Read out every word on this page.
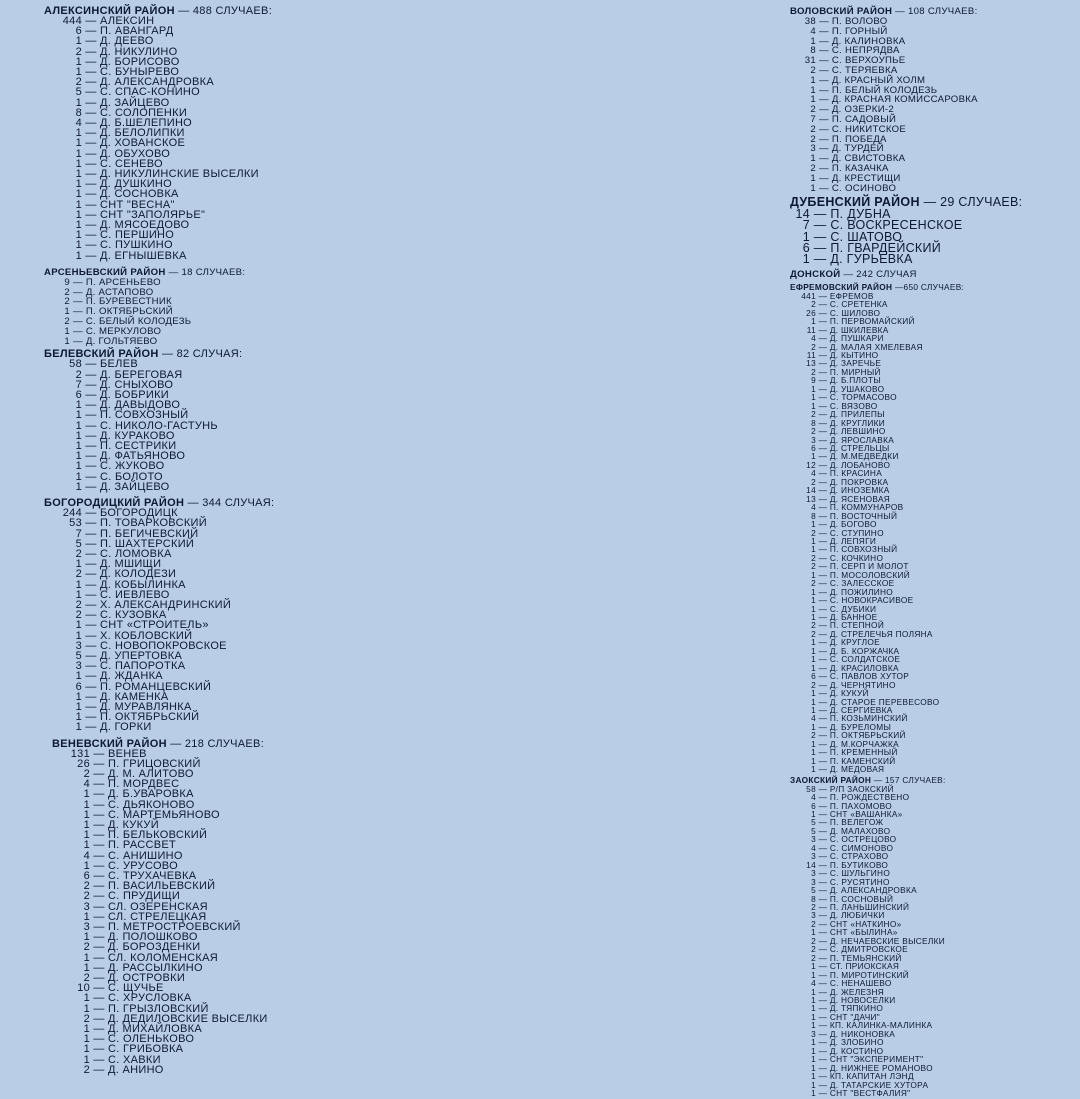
АЛЕКСИНСКИЙ РАЙОН — 488 СЛУЧАЕВ:
444 — АЛЕКСИН
6 — П. АВАНГАРД
1 — Д. ДЕЕВО
2 — Д. НИКУЛИНО
1 — Д. БОРИСОВО
1 — С. БУНЫРЕВО
2 — Д. АЛЕКСАНДРОВКА
5 — С. СПАС-КОНИНО
1 — Д. ЗАЙЦЕВО
8 — С. СОЛОПЕНКИ
4 — Д. Б.ШЕЛЕПИНО
1 — Д. БЕЛОЛИПКИ
1 — Д. ХОВАНСКОЕ
1 — Д. ОБУХОВО
1 — С. СЕНЕВО
1 — Д. НИКУЛИНСКИЕ ВЫСЕЛКИ
1 — Д. ДУШКИНО
1 — Д. СОСНОВКА
1 — СНТ "ВЕСНА"
1 — СНТ "ЗАПОЛЯРЬЕ"
1 — Д. МЯСОЕДОВО
1 — С. ПЕРШИНО
1 — С. ПУШКИНО
1 — Д. ЕГНЫШЕВКА
АРСЕНЬЕВСКИЙ РАЙОН — 18 СЛУЧАЕВ:
9 — П. АРСЕНЬЕВО
2 — Д. АСТАПОВО
2 — П. БУРЕВЕСТНИК
1 — П. ОКТЯБРЬСКИЙ
2 — С. БЕЛЫЙ КОЛОДЕЗЬ
1 — С. МЕРКУЛОВО
1 — Д. ГОЛЬТЯЕВО
БЕЛЕВСКИЙ РАЙОН — 82 СЛУЧАЯ:
58 — БЕЛЕВ
2 — Д. БЕРЕГОВАЯ
7 — Д. СНЫХОВО
6 — Д. БОБРИКИ
1 — Д. ДАВЫДОВО
1 — П. СОВХОЗНЫЙ
1 — С. НИКОЛО-ГАСТУНЬ
1 — Д. КУРАКОВО
1 — П. СЕСТРИКИ
1 — Д. ФАТЬЯНОВО
1 — С. ЖУКОВО
1 — С. БОЛОТО
1 — Д. ЗАЙЦЕВО
БОГОРОДИЦКИЙ РАЙОН — 344 СЛУЧАЯ:
244 — БОГОРОДИЦК
53 — П. ТОВАРКОВСКИЙ
7 — П. БЕГИЧЕВСКИЙ
5 — П. ШАХТЕРСКИЙ
2 — С. ЛОМОВКА
1 — Д. МШИЩИ
2 — Д. КОЛОДЕЗИ
1 — Д. КОБЫЛИНКА
1 — С. ИЕВЛЕВО
2 — Х. АЛЕКСАНДРИНСКИЙ
2 — С. КУЗОВКА
1 — СНТ «СТРОИТЕЛЬ»
1 — Х. КОБЛОВСКИЙ
3 — С. НОВОПОКРОВСКОЕ
5 — Д. УПЕРТОВКА
3 — С. ПАПОРОТКА
1 — Д. ЖДАНКА
6 — П. РОМАНЦЕВСКИЙ
1 — Д. КАМЕНКА
1 — Д. МУРАВЛЯНКА
1 — П. ОКТЯБРЬСКИЙ
1 — Д. ГОРКИ
ВЕНЕВСКИЙ РАЙОН — 218 СЛУЧАЕВ:
131 — ВЕНЕВ
26 — П. ГРИЦОВСКИЙ
2 — Д. М. АЛИТОВО
4 — П. МОРДВЕС
1 — Д. Б.УВАРОВКА
1 — С. ДЬЯКОНОВО
1 — С. МАРТЕМЬЯНОВО
1 — Д. КУКУЙ
1 — П. БЕЛЬКОВСКИЙ
1 — П. РАССВЕТ
4 — С. АНИШИНО
1 — С. УРУСОВО
6 — С. ТРУХАЧЕВКА
2 — П. ВАСИЛЬЕВСКИЙ
2 — С. ПРУДИЩИ
3 — СЛ. ОЗЕРЕНСКАЯ
1 — СЛ. СТРЕЛЕЦКАЯ
3 — П. МЕТРОСТРОЕВСКИЙ
1 — Д. ПОЛОШКОВО
2 — Д. БОРОЗДЕНКИ
1 — СЛ. КОЛОМЕНСКАЯ
1 — Д. РАССЫЛКИНО
2 — Д. ОСТРОВКИ
10 — С. ЩУЧЬЕ
1 — С. ХРУСЛОВКА
1 — П. ГРЫЗЛОВСКИЙ
2 — Д. ДЕДИЛОВСКИЕ ВЫСЕЛКИ
1 — Д. МИХАЙЛОВКА
1 — С. ОЛЕНЬКОВО
1 — С. ГРИБОВКА
1 — С. ХАВКИ
2 — Д. АНИНО
ВОЛОВСКИЙ РАЙОН — 108 СЛУЧАЕВ:
38 — П. ВОЛОВО
4 — П. ГОРНЫЙ
1 — Д. КАЛИНОВКА
8 — С. НЕПРЯДВА
31 — С. ВЕРХОУПЬЕ
2 — С. ТЕРЯЕВКА
1 — Д. КРАСНЫЙ ХОЛМ
1 — П. БЕЛЫЙ КОЛОДЕЗЬ
1 — Д. КРАСНАЯ КОМИССАРОВКА
2 — Д. ОЗЕРКИ-2
7 — П. САДОВЫЙ
2 — С. НИКИТСКОЕ
2 — П. ПОБЕДА
3 — Д. ТУРДЕЙ
1 — Д. СВИСТОВКА
2 — П. КАЗАЧКА
1 — Д. КРЕСТИЩИ
1 — С. ОСИНОВО
ДУБЕНСКИЙ РАЙОН — 29 СЛУЧАЕВ:
14 — П. ДУБНА
7 — С. ВОСКРЕСЕНСКОЕ
1 — С. ШАТОВО
6 — П. ГВАРДЕЙСКИЙ
1 — Д. ГУРЬЕВКА
ДОНСКОЙ — 242 СЛУЧАЯ
ЕФРЕМОВСКИЙ РАЙОН —650 СЛУЧАЕВ:
441 — ЕФРЕМОВ
2 — С. СРЕТЕНКА
26 — С. ШИЛОВО
1 — П. ПЕРВОМАЙСКИЙ
11 — Д. ШКИЛЕВКА
4 — Д. ПУШКАРИ
2 — Д. МАЛАЯ ХМЕЛЕВАЯ
11 — Д. КЫТИНО
13 — Д. ЗАРЕЧЬЕ
2 — П. МИРНЫЙ
9 — Д. Б.ПЛОТЫ
1 — Д. УШАКОВО
1 — С. ТОРМАСОВО
1 — С. ВЯЗОВО
2 — Д. ПРИЛЕПЫ
8 — Д. КРУГЛИКИ
2 — Д. ЛЕВШИНО
3 — Д. ЯРОСЛАВКА
6 — Д. СТРЕЛЬЦЫ
1 — Д. М.МЕДВЕДКИ
12 — Д. ЛОБАНОВО
4 — П. КРАСИНА
2 — Д. ПОКРОВКА
14 — Д. ИНОЗЕМКА
13 — Д. ЯСЕНОВАЯ
4 — П. КОММУНАРОВ
8 — П. ВОСТОЧНЫЙ
1 — Д. БОГОВО
2 — С. СТУПИНО
1 — Д. ЛЕПЯГИ
1 — П. СОВХОЗНЫЙ
2 — С. КОЧКИНО
2 — П. СЕРП И МОЛОТ
1 — П. МОСОЛОВСКИЙ
2 — С. ЗАЛЕССКОЕ
1 — Д. ПОЖИЛИНО
1 — С. НОВОКРАСИВОЕ
1 — С. ДУБИКИ
1 — Д. БАННОЕ
2 — П. СТЕПНОЙ
2 — Д. СТРЕЛЕЧЬЯ ПОЛЯНА
1 — Д. КРУГЛОЕ
1 — Д. Б. КОРЖАЧКА
1 — С. СОЛДАТСКОЕ
1 — Д. КРАСИЛОВКА
6 — С. ПАВЛОВ ХУТОР
2 — Д. ЧЕРНЯТИНО
1 — Д. КУКУЙ
1 — Д. СТАРОЕ ПЕРЕВЕСОВО
1 — Д. СЕРГИЕВКА
4 — П. КОЗЬМИНСКИЙ
1 — Д. БУРЕЛОМЫ
2 — П. ОКТЯБРЬСКИЙ
1 — Д. М.КОРЧАЖКА
1 — П. КРЕМЕННЫЙ
1 — П. КАМЕНСКИЙ
1 — Д. МЕДОВАЯ
ЗАОКСКИЙ РАЙОН — 157 СЛУЧАЕВ:
58 — Р/П ЗАОКСКИЙ
4 — П. РОЖДЕСТВЕНО
6 — П. ПАХОМОВО
1 — СНТ «ВАШАНКА»
5 — П. ВЕЛЕГОЖ
5 — Д. МАЛАХОВО
3 — С. ОСТРЕЦОВО
4 — С. СИМОНОВО
3 — С. СТРАХОВО
14 — П. БУТИКОВО
3 — С. ШУЛЬГИНО
3 — С. РУСЯТИНО
5 — Д. АЛЕКСАНДРОВКА
8 — П. СОСНОВЫЙ
2 — П. ЛАНЬШИНСКИЙ
3 — Д. ЛЮБИЧКИ
2 — СНТ «НАТКИНО»
1 — СНТ «БЫЛИНА»
2 — Д. НЕЧАЕВСКИЕ ВЫСЕЛКИ
2 — С. ДМИТРОВСКОЕ
2 — П. ТЕМЬЯНСКИЙ
1 — СТ. ПРИОКСКАЯ
1 — П. МИРОТИНСКИЙ
4 — С. НЕНАШЕВО
1 — Д. ЖЕЛЕЗНЯ
1 — Д. НОВОСЕЛКИ
1 — Д. ТЯПКИНО
1 — СНТ "ДАЧИ"
1 — КП. КАЛИНКА-МАЛИНКА
3 — Д. НИКОНОВКА
1 — Д. ЗЛОБИНО
1 — Д. КОСТИНО
1 — СНТ "ЭКСПЕРИМЕНТ"
1 — Д. НИЖНЕЕ РОМАНОВО
1 — КП. КАПИТАН ЛЭНД
1 — Д. ТАТАРСКИЕ ХУТОРА
1 — СНТ "ВЕСТФАЛИЯ"
